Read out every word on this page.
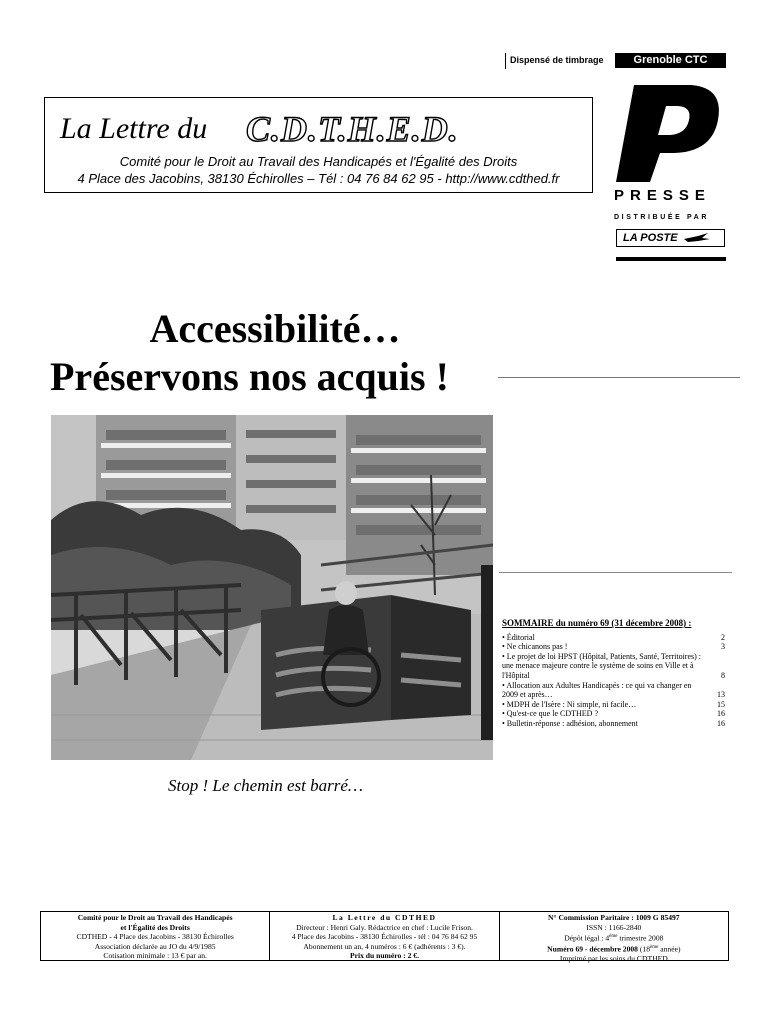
Dispensé de timbrage	Grenoble CTC
La Lettre du C.D.T.H.E.D.
Comité pour le Droit au Travail des Handicapés et l'Égalité des Droits
4 Place des Jacobins, 38130 Échirolles – Tél : 04 76 84 62 95 - http://www.cdthed.fr
PRESSE
DISTRIBUÉE PAR
LA POSTE
Accessibilité…
Préservons nos acquis !
Stop ! Le chemin est barré…
SOMMAIRE du numéro 69 (31 décembre 2008) :
• Éditorial	2
• Ne chicanons pas !	3
• Le projet de loi HPST (Hôpital, Patients, Santé, Territoires) : une menace majeure contre le système de soins en Ville et à l'Hôpital	8
• Allocation aux Adultes Handicapés : ce qui va changer en 2009 et après…	13
• MDPH de l'Isère : Ni simple, ni facile…	15
• Qu'est-ce que le CDTHED ?	16
• Bulletin-réponse : adhésion, abonnement	16
Comité pour le Droit au Travail des Handicapés
et l'Égalité des Droits
CDTHED - 4 Place des Jacobins - 38130 Échirolles
Association déclarée au JO du 4/9/1985
Cotisation minimale : 13 € par an.
La Lettre du CDTHED
Directeur : Henri Galy. Rédactrice en chef : Lucile Frison.
4 Place des Jacobins - 38130 Échirolles - tél : 04 76 84 62 95
Abonnement un an, 4 numéros : 6 € (adhérents : 3 €).
Prix du numéro : 2 €.
N° Commission Paritaire : 1009 G 85497
ISSN : 1166-2840
Dépôt légal : 4ème trimestre 2008
Numéro 69 - décembre 2008 (18ème année)
Imprimé par les soins du CDTHED
